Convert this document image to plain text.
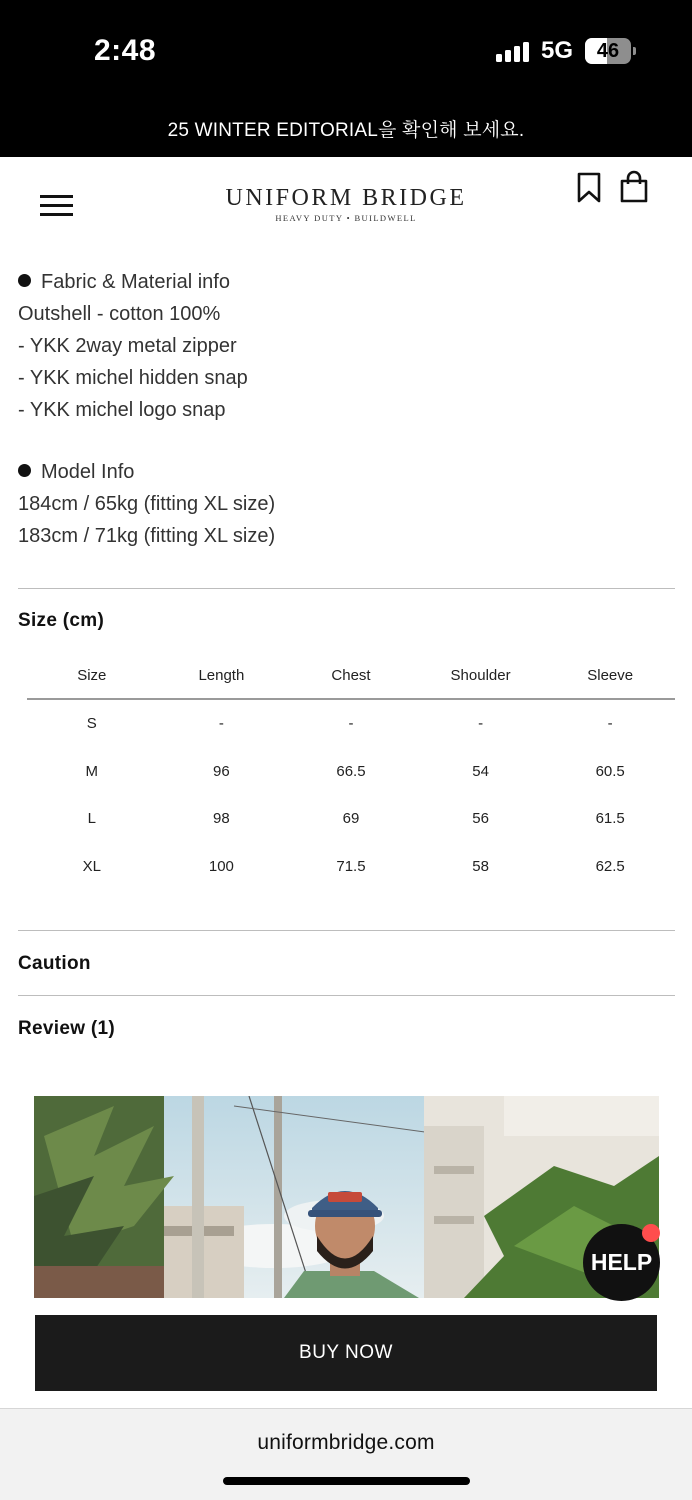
2:48	5G	46
25 WINTER EDITORIAL을 확인해 보세요.
UNIFORM BRIDGE
HEAVY DUTY • BUILDWELL
Fabric & Material info
Outshell - cotton 100%
- YKK 2way metal zipper
- YKK michel hidden snap
- YKK michel logo snap
Model Info
184cm / 65kg (fitting XL size)
183cm / 71kg (fitting XL size)
Size (cm)
Size	Length	Chest	Shoulder	Sleeve
S	-	-	-	-
M	96	66.5	54	60.5
L	98	69	56	61.5
XL	100	71.5	58	62.5
Caution
Review (1)
HELP
BUY NOW
uniformbridge.com
